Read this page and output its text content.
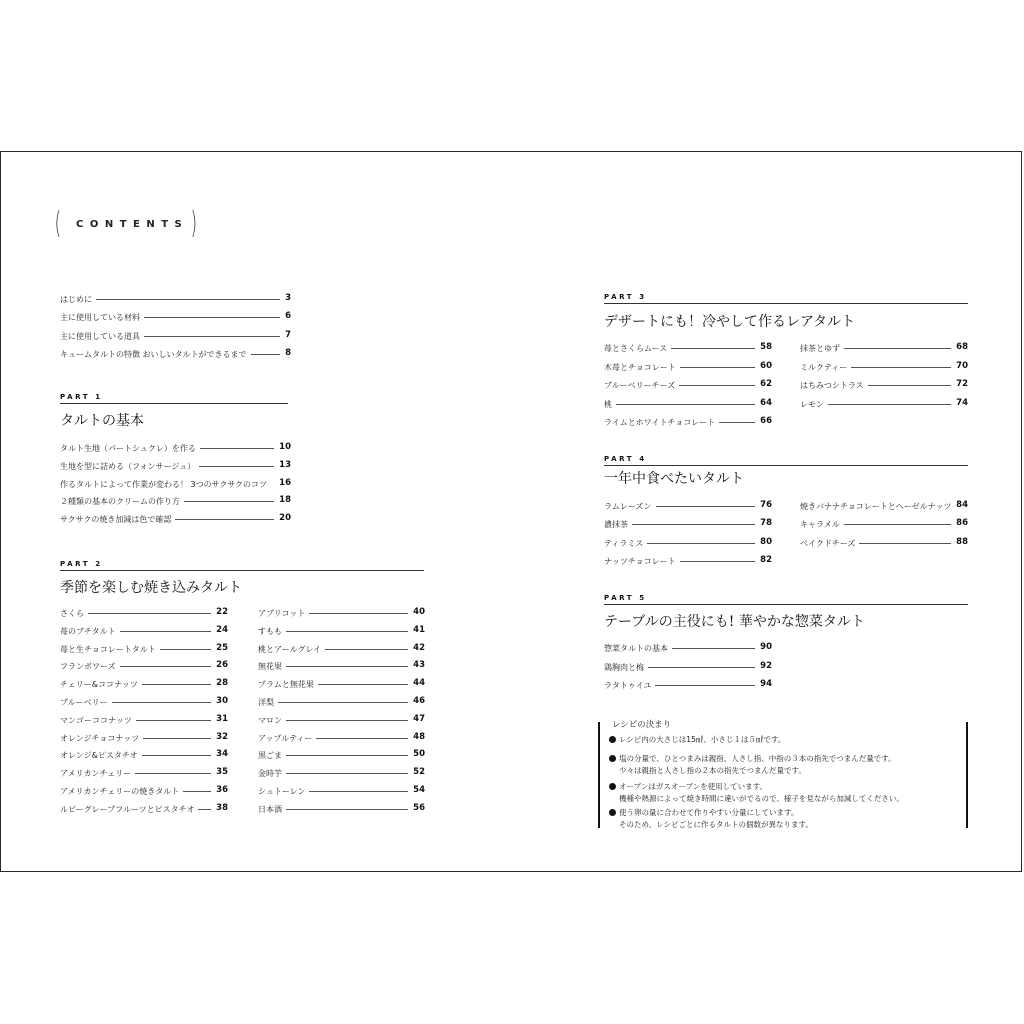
( CONTENTS )
はじめに	3
主に使用している材料	6
主に使用している道具	7
キュームタルトの特徴 おいしいタルトができるまで	8
タルト生地（パートシュクレ）を作る	10
生地を型に詰める（フォンサージュ）	13
作るタルトによって作業が変わる！ 3つのサクサクのコツ 16
２種類の基本のクリームの作り方	18
サクサクの焼き加減は色で確認	20
さくら	22
苺のブチタルト	24
苺と生チョコレートタルト	25
フランボワーズ	26
チェリー&ココナッツ	28
ブルーベリー	30
マンゴーココナッツ	31
オレンジチョコナッツ	32
オレンジ&ピスタチオ	34
アメリカンチェリー	35
アメリカンチェリーの焼きタルト	36
ルビーグレープフルーツとピスタチオ	38
アプリコット	40
すもも	41
桃とアールグレイ	42
無花果	43
プラムと無花果	44
洋梨	46
マロン	47
アップルティー	48
黒ごま	50
金時芋	52
シュトーレン	54
日本酒	56
苺とさくらムース	58
木苺とチョコレート	60
ブルーベリーチーズ	62
桃	64
ライムとホワイトチョコレート	66
抹茶とゆず	68
ミルクティー	70
はちみつシトラス	72
レモン	74
ラムレーズン	76
濃抹茶	78
ティラミス	80
ナッツチョコレート	82
焼きバナナチョコレートとヘーゼルナッツ 84
キャラメル	86
ベイクドチーズ	88
惣菜タルトの基本	90
鶏胸肉と梅	92
ラタトゥイユ	94
PART 1
タルトの基本
PART 2
季節を楽しむ焼き込みタルト
PART 3
デザートにも！冷やして作るレアタルト
PART 4
一年中食べたいタルト
PART 5
テーブルの主役にも! 華やかな惣菜タルト
レシピの決まり
レシピ内の大さじは15㎖、小さじ１は５㎖です。
塩の分量で、ひとつまみは親指、人さし指、中指の３本の指先でつまんだ量です。
少々は親指と人さし指の２本の指先でつまんだ量です。
オーブンはガスオーブンを使用しています。
機種や熱源によって焼き時間に違いがでるので、様子を見ながら加減してください。
使う卵の量に合わせて作りやすい分量にしています。
そのため、レシピごとに作るタルトの個数が異なります。
